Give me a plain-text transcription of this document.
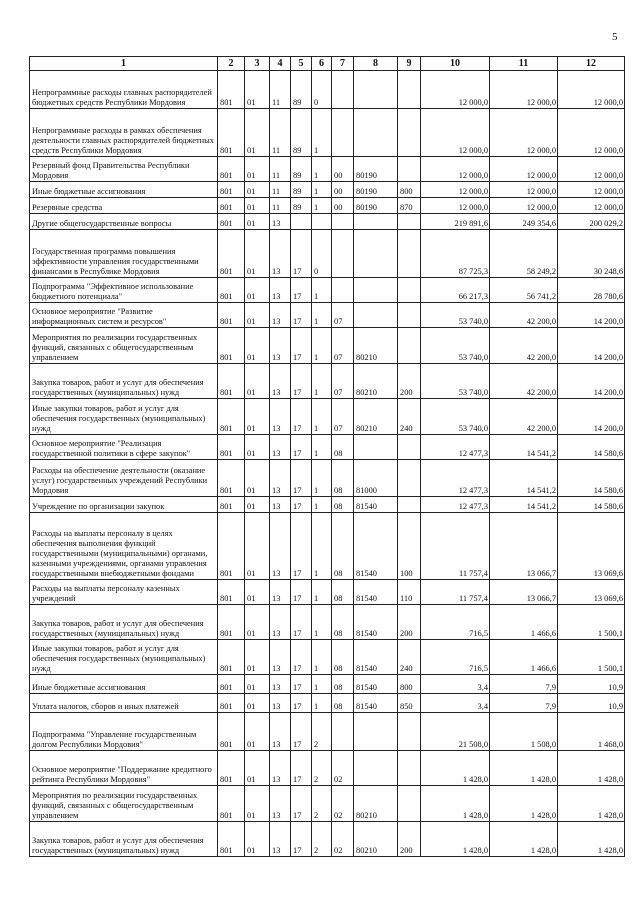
5
1	2	3	4	5	6	7	8	9	10	11	12
Непрограммные расходы главных распорядителей бюджетных средств Республики Мордовия	801	01	11	89	0				12 000,0	12 000,0	12 000,0
Непрограммные расходы в рамках обеспечения деятельности главных распорядителей бюджетных средств Республики Мордовия	801	01	11	89	1				12 000,0	12 000,0	12 000,0
Резервный фонд Правительства Республики Мордовия	801	01	11	89	1	00	80190		12 000,0	12 000,0	12 000,0
Иные бюджетные ассигнования	801	01	11	89	1	00	80190	800	12 000,0	12 000,0	12 000,0
Резервные средства	801	01	11	89	1	00	80190	870	12 000,0	12 000,0	12 000,0
Другие общегосударственные вопросы	801	01	13						219 891,6	249 354,6	200 029,2
Государственная программа повышения эффективности управления государственными финансами в Республике Мордовия	801	01	13	17	0				87 725,3	58 249,2	30 248,6
Подпрограмма "Эффективное использование бюджетного потенциала"	801	01	13	17	1				66 217,3	56 741,2	28 780,6
Основное мероприятие "Развитие информационных систем и ресурсов"	801	01	13	17	1	07			53 740,0	42 200,0	14 200,0
Мероприятия по реализации государственных функций, связанных с общегосударственным управлением	801	01	13	17	1	07	80210		53 740,0	42 200,0	14 200,0
Закупка товаров, работ и услуг для обеспечения государственных (муниципальных) нужд	801	01	13	17	1	07	80210	200	53 740,0	42 200,0	14 200,0
Иные закупки товаров, работ и услуг для обеспечения государственных (муниципальных) нужд	801	01	13	17	1	07	80210	240	53 740,0	42 200,0	14 200,0
Основное мероприятие "Реализация государственной политики в сфере закупок"	801	01	13	17	1	08			12 477,3	14 541,2	14 580,6
Расходы на обеспечение деятельности (оказание услуг) государственных учреждений Республики Мордовия	801	01	13	17	1	08	81000		12 477,3	14 541,2	14 580,6
Учреждение по организации закупок	801	01	13	17	1	08	81540		12 477,3	14 541,2	14 580,6
Расходы на выплаты персоналу в целях обеспечения выполнения функций государственными (муниципальными) органами, казенными учреждениями, органами управления государственными внебюджетными фондами	801	01	13	17	1	08	81540	100	11 757,4	13 066,7	13 069,6
Расходы на выплаты персоналу казенных учреждений	801	01	13	17	1	08	81540	110	11 757,4	13 066,7	13 069,6
Закупка товаров, работ и услуг для обеспечения государственных (муниципальных) нужд	801	01	13	17	1	08	81540	200	716,5	1 466,6	1 500,1
Иные закупки товаров, работ и услуг для обеспечения государственных (муниципальных) нужд	801	01	13	17	1	08	81540	240	716,5	1 466,6	1 500,1
Иные бюджетные ассигнования	801	01	13	17	1	08	81540	800	3,4	7,9	10,9
Уплата налогов, сборов и иных платежей	801	01	13	17	1	08	81540	850	3,4	7,9	10,9
Подпрограмма "Управление государственным долгом Республики Мордовия"	801	01	13	17	2				21 508,0	1 508,0	1 468,0
Основное мероприятие "Поддержание кредитного рейтинга Республики Мордовия"	801	01	13	17	2	02			1 428,0	1 428,0	1 428,0
Мероприятия по реализации государственных функций, связанных с общегосударственным управлением	801	01	13	17	2	02	80210		1 428,0	1 428,0	1 428,0
Закупка товаров, работ и услуг для обеспечения государственных (муниципальных) нужд	801	01	13	17	2	02	80210	200	1 428,0	1 428,0	1 428,0
